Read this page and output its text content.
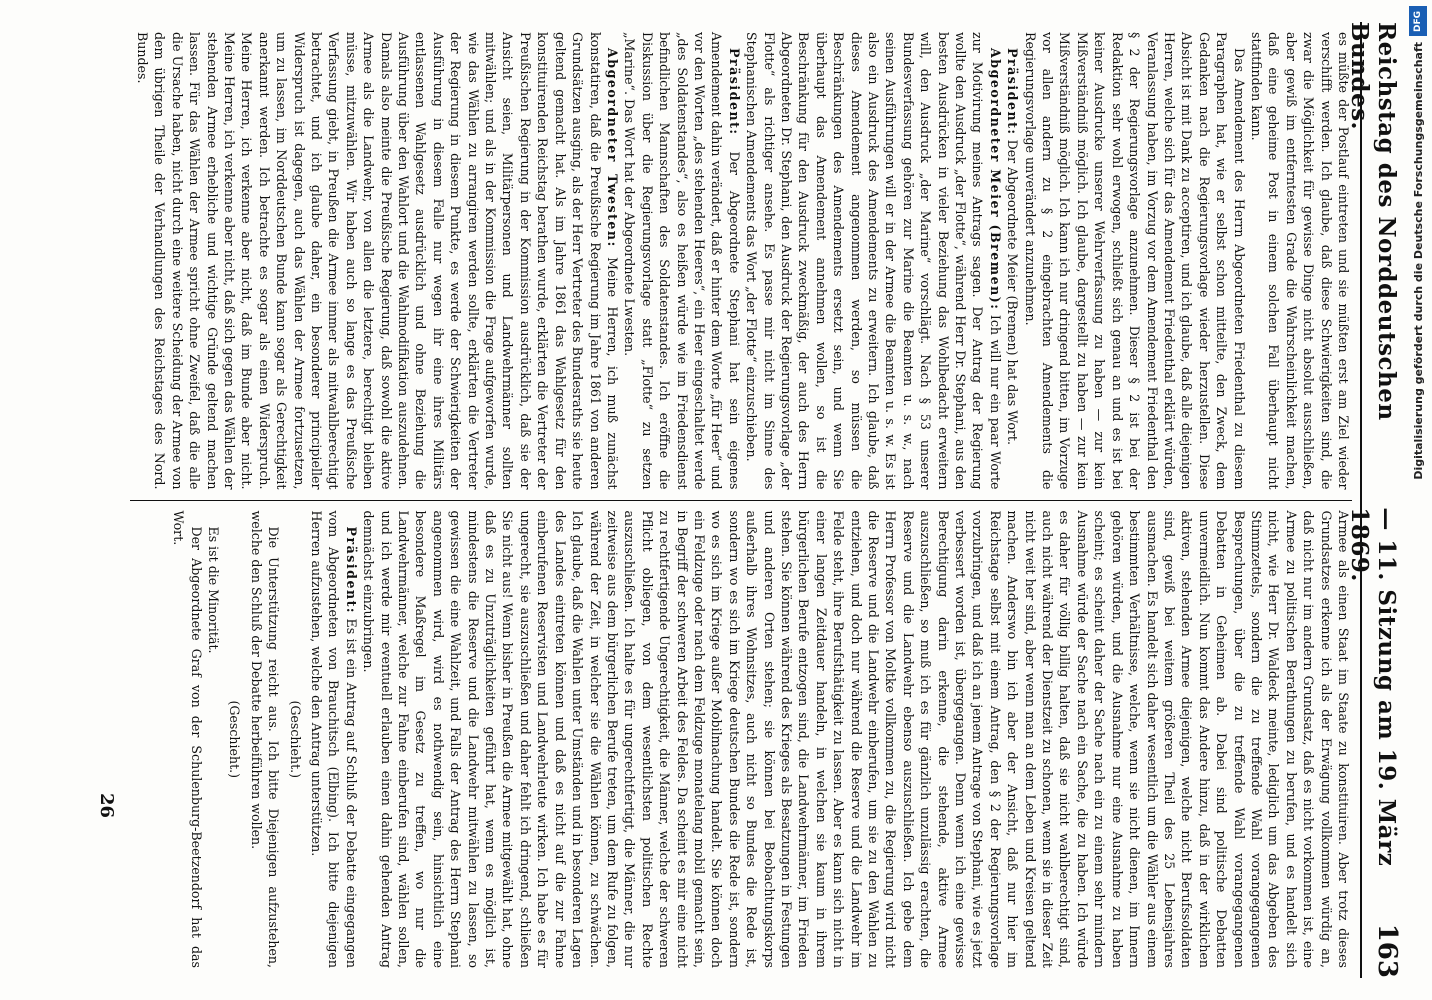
Reichstag des Norddeutschen Bundes.
— 11. Sitzung am 19. März 1869.
163

es müßte der Postlauf eintreten und sie müßten erst am Ziel wieder verschifft werden. Ich glaube, daß diese Schwierigkeiten sind, die zwar die Möglichkeit für gewisse Dinge nicht absolut ausschließen, aber gewiß im entferntesten Grade die Wahrscheinlichkeit machen, daß eine geheime Post in einem solchen Fall überhaupt nicht stattfinden kann.

Das Amendement des Herrn Abgeordneten Friedenthal zu diesem Paragraphen hat, wie er selbst schon mitteilte, den Zweck, dem Gedanken nach die Regierungsvorlage wieder herzustellen. Diese Absicht ist mit Dank zu acceptiren, und ich glaube, daß alle diejenigen Herren, welche sich für das Amendement Friedenthal erklärt würden, Veranlassung haben, im Vorzug vor dem Amendement Friedenthal den § 2 der Regierungsvorlage anzunehmen. Dieser § 2 ist bei der Redaktion sehr wohl erwogen, schließt sich genau an und es ist bei keiner Ausdrucke unserer Wehrverfassung zu haben — zur kein Mißverständniß möglich. Ich glaube, dargestellt zu haben — zur kein Mißverständniß möglich. Ich kann ich nur dringend bitten, im Vorzuge vor allen andern zu § 2 eingebrachten Amendements die Regierungsvorlage unverändert anzunehmen.

Präsident: Der Abgeordnete Meier (Bremen) hat das Wort.

Abgeordneter Meier (Bremen): Ich will nur ein paar Worte zur Motivirung meines Antrags sagen. Der Antrag der Regierung wollte den Ausdruck „der Flotte“, während Herr Dr. Stephani, aus den besten Ausdrücken in vieler Beziehung das Wohlbedacht erweitern will, den Ausdruck „der Marine“ vorschlägt. Nach § 53 unserer Bundesverfassung gehören zur Marine die Beamten u. s. w., nach seinen Ausführungen will er in der Armee die Beamten u. s. w. Es ist also ein Ausdruck des Amendements zu erweitern. Ich glaube, daß dieses Amendement angenommen werden, so müssen die Beschränkungen des Amendements ersetzt sein, und wenn Sie überhaupt das Amendement annehmen wollen, so ist die Beschränkung für den Ausdruck zweckmäßig, der auch des Herrn Abgeordneten Dr. Stephani, den Ausdruck der Regierungsvorlage „der Flotte“ als richtiger ansehe. Es passe mir nicht im Sinne des Stephanischen Amendements das Wort „der Flotte“ einzuschieben.

Präsident: Der Abgeordnete Stephani hat sein eigenes Amendement dahin verändert, daß er hinter dem Worte „für Heer“ und vor den Worten „des stehenden Heeres“, ein Heer eingeschaltet werde „des Soldatenstandes“, also es heißen würde wie im Friedensdienst befindlichen Mannschaften des Soldatenstandes. Ich eröffne die Diskussion über die Regierungsvorlage statt „Flotte“ zu setzen „Marine“. Das Wort hat der Abgeordnete Lwesten.

Abgeordneter Twesten: Meine Herren, ich muß zunächst konstatiren, daß die Preußische Regierung im Jahre 1861 von anderen Grundsätzen ausging, als der Herr Vertreter des Bundesraths sie heute geltend gemacht hat. Als im Jahre 1861 das Wahlgesetz für den konstituirenden Reichstag berathen wurde, erklärten die Vertreter der Preußischen Regierung in der Kommission ausdrücklich, daß sie der Ansicht seien, Militärpersonen und Landwehrmänner sollten mitwählen; und als in der Kommission die Frage aufgeworfen wurde, wie das Wählen zu arrangiren werden sollte, erklärten die Vertreter der Regierung in diesem Punkte, es werde der Schwierigkeiten der Ausführung in diesem Falle nur wegen ihr eine ihres Militärs entlassenen Wahlgesetz ausdrücklich und ohne Beziehung die Ausführung über den Wahlort und die Wahlmodifikation auszudehnen. Damals also meinte die Preußische Regierung, daß sowohl die aktive Armee als die Landwehr, von allen die letztere, berechtigt bleiben müsse, mitzuwählen. Wir haben auch so lange es das Preußische Verfassung giebt, in Preußen die Armee immer als mitwahlberechtigt betrachtet, und ich glaube daher, ein besonderer principieller Widerspruch ist dagegen, auch das Wählen der Armee fortzusetzen, um zu lassen, im Norddeutschen Bunde kann sogar als Gerechtigkeit anerkannt werden. Ich betrachte es sogar als einen Widerspruch. Meine Herren, ich verkenne aber nicht, daß im Bunde aber nicht. Meine Herren, ich verkenne aber nicht, daß sich gegen das Wählen der stehenden Armee erhebliche und wichtige Gründe geltend machen lassen. Für das Wählen der Armee spricht ohne Zweifel, daß die alle die Ursache haben, nicht durch eine weitere Scheidung der Armee von dem übrigen Theile der Verhandlungen des Reichstages des Nord. Bundes.

Armee als einen Staat im Staate zu konstituiren. Aber trotz dieses Grundsatzes erkenne ich als der Erwägung vollkommen würdig an, daß nicht nur im andern Grundsatz, daß es nicht vorkommen ist, eine Armee zu politischen Berathungen zu berufen, und es handelt sich nicht, wie Herr Dr. Waldeck meinte, lediglich um das Abgeben des Stimmzettels, sondern die zu treffende Wahl vorangegangenen Besprechungen, über die zu treffende Wahl vorangegangenen Debatten in Geheimen ab. Dabei sind politische Debatten unvermeidlich. Nun kommt das Andere hinzu, daß in der wirklichen aktiven, stehenden Armee diejenigen, welche nicht Berufssoldaten sind, gewiß bei weitem größeren Theil des 25 Lebensjahres ausmachen. Es handelt sich daher wesentlich um die Wähler aus einem bestimmten Verhältnisse, welche, wenn sie nicht dienen, im Innern gehören würden, und die Ausnahme nur eine Ausnahme zu haben scheint; es scheint daher der Sache nach ein zu einem sehr mindern Ausnahme würde der Sache nach ein Sache, die zu haben. Ich würde es daher für völlig billig halten, daß sie nicht wahlberechtigt sind, auch nicht während der Dienstzeit zu schonen, wenn sie in dieser Zeit nicht weit her sind, aber wenn man an dem Leben und Kreisen geltend machen. Anderswo bin ich aber der Ansicht, daß nur hier im Reichstage selbst mit einem Antrag, den § 2 der Regierungsvorlage vorzubringen, und daß ich an jenem Antrage von Stephani, wie es jetzt verbessert worden ist, übergegangen. Denn wenn ich eine gewisse Berechtigung darin erkenne, die stehende, aktive Armee auszuschließen, so muß ich es für gänzlich unzulässig erachten, die Reserve und die Landwehr ebenso auszuschließen. Ich gebe dem Herrn Professor von Moltke vollkommen zu, die Regierung wird nicht die Reserve und die Landwehr einberufen, um sie zu den Wahlen zu entziehen, und doch nur während die Reserve und die Landwehr im Felde steht, ihre Berufsthätigkeit zu lassen. Aber es kann sich nicht in einer langen Zeitdauer handeln, in welchen sie kaum in ihrem bürgerlichen Berufe entzogen sind, die Landwehrmänner, im Frieden stehen. Sie können während des Krieges als Besatzungen in Festungen und anderen Orten stehen; sie können bei Beobachtungskorps außerhalb ihres Wohnsitzes, auch nicht so Bundes die Rede ist, sondern wo es sich im Kriege deutschen Bundes die Rede ist, sondern wo es sich im Kriege außer Mobilmachung handelt. Sie können doch ein Feldzuge oder nach dem Feldzuge monatelang mobil gemacht sein, in Begriff der schweren Arbeit des Feldes. Da scheint es mir eine nicht zu rechtfertigende Ungerechtigkeit, die Männer, welche der schweren Pflicht obliegen, von dem wesentlichsten politischen Rechte auszuschließen. Ich halte es für ungerechtfertigt, die Männer, die nur zeitweise aus dem bürgerlichen Berufe treten, um dem Rufe zu folgen, während der Zeit, in welcher sie die Wählen können, zu schwächen. Ich glaube, daß die Wahlen unter Umständen und in besonderen Lagen des Landes eintreten können und daß es nicht auf die zur Fahne einberufenen Reservisten und Landwehrleute wirken. Ich habe es für ungerecht, sie auszuschließen und daher fehlt ich dringend, schließen Sie nicht aus! Wenn bisher in Preußen die Armee mitgewählt hat, ohne daß es zu Unzuträglichkeiten geführt hat, wenn es möglich ist, mindestens die Reserve und die Landwehr mitwählen zu lassen, so gewissen die eine Wahlzeit, und Falls der Antrag des Herrn Stephani angenommen wird, wird es nothwendig sein, hinsichtlich eine besondere Maßregel im Gesetz zu treffen, wo nur die Landwehrmänner, welche zur Fahne einberufen sind, wählen sollen, und ich werde mir eventuell erlauben einen dahin gehenden Antrag demnächst einzubringen.

Präsident: Es ist ein Antrag auf Schluß der Debatte eingegangen vom Abgeordneten von Brauchitsch (Elbing). Ich bitte diejenigen Herren aufzustehen, welche den Antrag unterstützen.

(Geschieht.)

Die Unterstützung reicht aus. Ich bitte Diejenigen aufzustehen, welche den Schluß der Debatte herbeiführen wollen.

(Geschieht.)

Es ist die Minorität.

Der Abgeordnete Graf von der Schulenburg-Beetzendorf hat das Wort.

26
DFG
Digitalisierung gefördert durch die Deutsche Forschungsgemeinschaft
